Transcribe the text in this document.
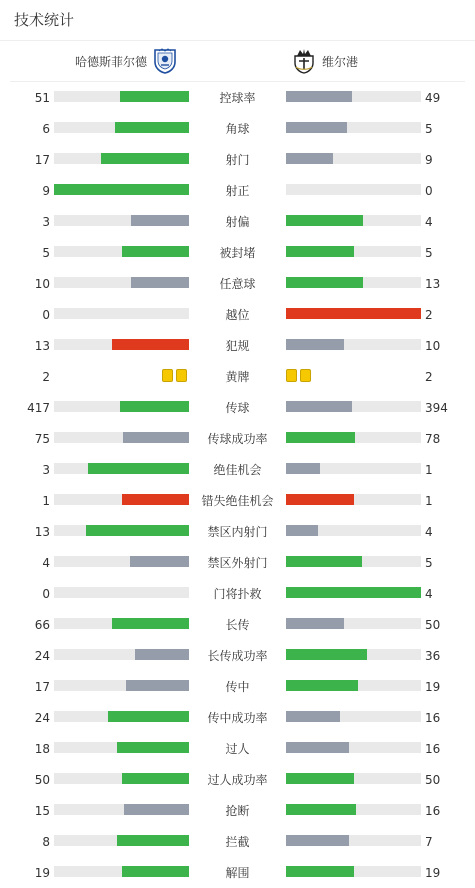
技术统计
哈德斯菲尔德	维尔港
51	控球率	49
6	角球	5
17	射门	9
9	射正	0
3	射偏	4
5	被封堵	5
10	任意球	13
0	越位	2
13	犯规	10
2	黄牌	2
417	传球	394
75	传球成功率	78
3	绝佳机会	1
1	错失绝佳机会	1
13	禁区内射门	4
4	禁区外射门	5
0	门将扑救	4
66	长传	50
24	长传成功率	36
17	传中	19
24	传中成功率	16
18	过人	16
50	过人成功率	50
15	抢断	16
8	拦截	7
19	解围	19
